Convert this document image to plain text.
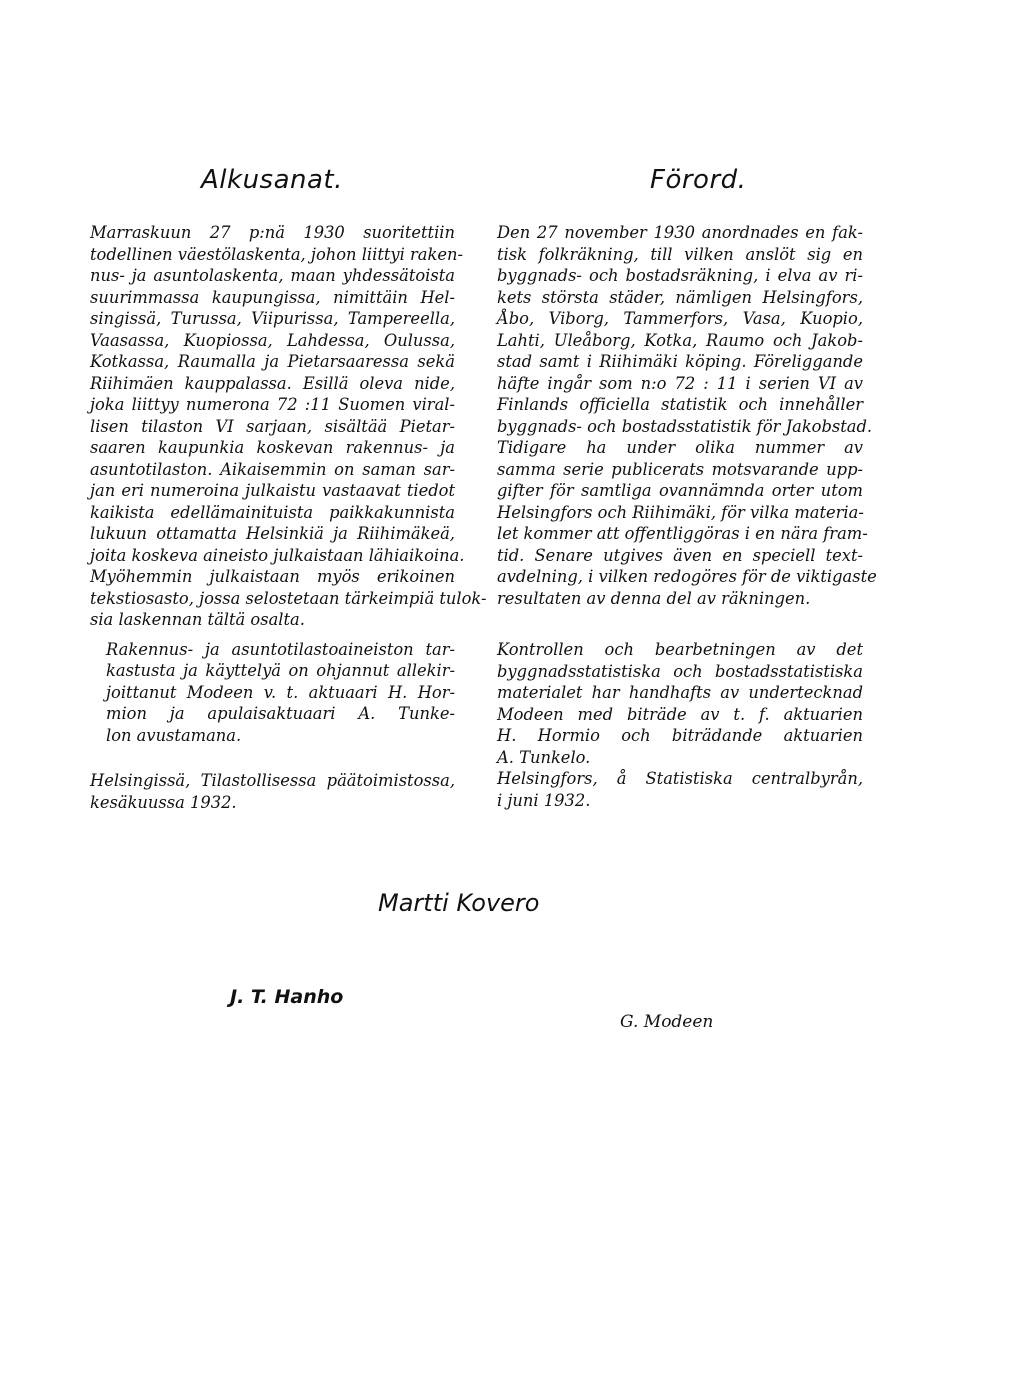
Alkusanat.

Marraskuun 27 p:nä 1930 suoritettiin
todellinen väestölaskenta, johon liittyi raken-
nus- ja asuntolaskenta, maan yhdessätoista
suurimmassa kaupungissa, nimittäin Hel-
singissä, Turussa, Viipurissa, Tampereella,
Vaasassa, Kuopiossa, Lahdessa, Oulussa,
Kotkassa, Raumalla ja Pietarsaaressa sekä
Riihimäen kauppalassa. Esillä oleva nide,
joka liittyy numerona 72 :11 Suomen viral-
lisen tilaston VI sarjaan, sisältää Pietar-
saaren kaupunkia koskevan rakennus- ja
asuntotilaston. Aikaisemmin on saman sar-
jan eri numeroina julkaistu vastaavat tiedot
kaikista edellämainituista paikkakunnista
lukuun ottamatta Helsinkiä ja Riihimäkeä,
joita koskeva aineisto julkaistaan lähiaikoina.
Myöhemmin julkaistaan myös erikoinen
tekstiosasto, jossa selostetaan tärkeimpiä tulok-
sia laskennan tältä osalta.

Rakennus- ja asuntotilastoaineiston tar-
kastusta ja käyttelyä on ohjannut allekir-
joittanut Modeen v. t. aktuaari H. Hor-
mion ja apulaisaktuaari A. Tunke-
lon avustamana.

Helsingissä, Tilastollisessa päätoimistossa,
kesäkuussa 1932.

Förord.

Den 27 november 1930 anordnades en fak-
tisk folkräkning, till vilken anslöt sig en
byggnads- och bostadsräkning, i elva av ri-
kets största städer, nämligen Helsingfors,
Åbo, Viborg, Tammerfors, Vasa, Kuopio,
Lahti, Uleåborg, Kotka, Raumo och Jakob-
stad samt i Riihimäki köping. Föreliggande
häfte ingår som n:o 72 : 11 i serien VI av
Finlands officiella statistik och innehåller
byggnads- och bostadsstatistik för Jakobstad.
Tidigare ha under olika nummer av
samma serie publicerats motsvarande upp-
gifter för samtliga ovannämnda orter utom
Helsingfors och Riihimäki, för vilka materia-
let kommer att offentliggöras i en nära fram-
tid. Senare utgives även en speciell text-
avdelning, i vilken redogöres för de viktigaste
resultaten av denna del av räkningen.

Kontrollen och bearbetningen av det
byggnadsstatistiska och bostadsstatistiska
materialet har handhafts av undertecknad
Modeen med biträde av t. f. aktuarien
H. Hormio och biträdande aktuarien
A. Tunkelo.

Helsingfors, å Statistiska centralbyrån,
i juni 1932.

Martti Kovero
J. T. Hanho
G. Modeen
